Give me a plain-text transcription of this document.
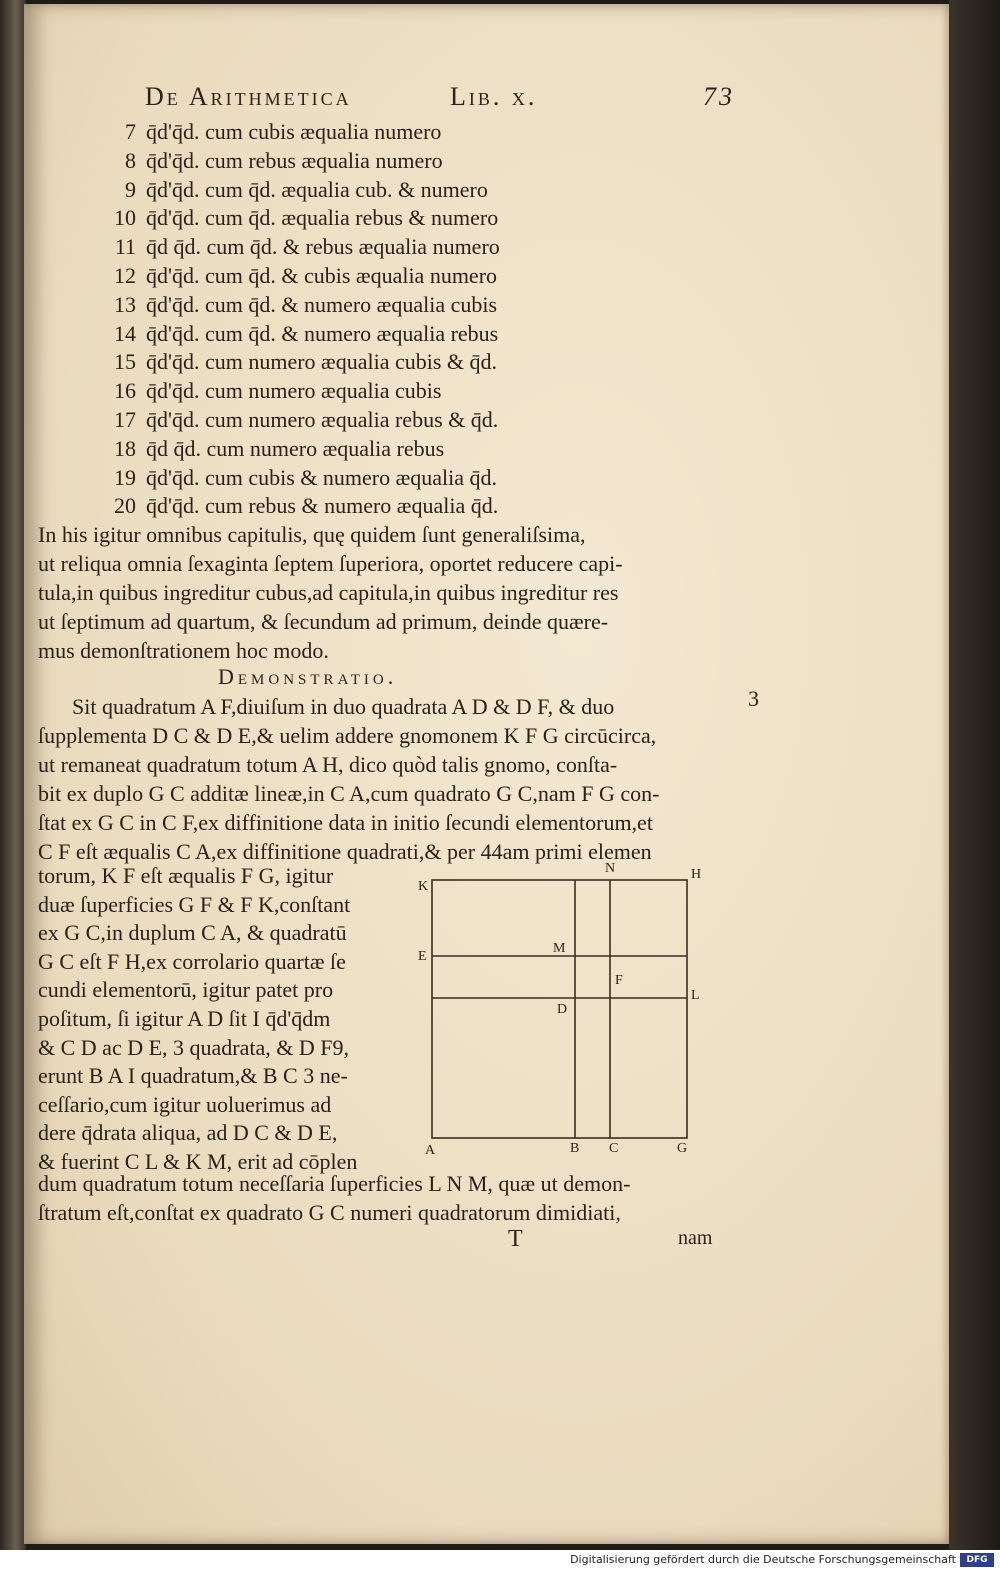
De Arithmetica	Lib. x.	73
7 q̄d'q̄d. cum cubis æqualia numero
8 q̄d'q̄d. cum rebus æqualia numero
9 q̄d'q̄d. cum q̄d. æqualia cub. & numero
10 q̄d'q̄d. cum q̄d. æqualia rebus & numero
11 q̄d q̄d. cum q̄d. & rebus æqualia numero
12 q̄d'q̄d. cum q̄d. & cubis æqualia numero
13 q̄d'q̄d. cum q̄d. & numero æqualia cubis
14 q̄d'q̄d. cum q̄d. & numero æqualia rebus
15 q̄d'q̄d. cum numero æqualia cubis & q̄d.
16 q̄d'q̄d. cum numero æqualia cubis
17 q̄d'q̄d. cum numero æqualia rebus & q̄d.
18 q̄d q̄d. cum numero æqualia rebus
19 q̄d'q̄d. cum cubis & numero æqualia q̄d.
20 q̄d'q̄d. cum rebus & numero æqualia q̄d.
In his igitur omnibus capitulis, quę quidem ſunt generaliſsima,
ut reliqua omnia ſexaginta ſeptem ſuperiora, oportet reducere capi-
tula,in quibus ingreditur cubus,ad capitula,in quibus ingreditur res
ut ſeptimum ad quartum, & ſecundum ad primum, deinde quære-
mus demonſtrationem hoc modo.
Demonstratio.
3
Sit quadratum A F,diuiſum in duo quadrata A D & D F, & duo
ſupplementa D C & D E,& uelim addere gnomonem K F G circūcirca,
ut remaneat quadratum totum A H, dico quòd talis gnomo, conſta-
bit ex duplo G C additæ lineæ,in C A,cum quadrato G C,nam F G con-
ſtat ex G C in C F,ex diffinitione data in initio ſecundi elementorum,et
C F eſt æqualis C A,ex diffinitione quadrati,& per 44am primi elemen
torum, K F eſt æqualis F G, igitur
duæ ſuperficies G F & F K,conſtant
ex G C,in duplum C A, & quadratū
G C eſt F H,ex corrolario quartæ ſe
cundi elementorū, igitur patet pro
poſitum, ſi igitur A D ſit I q̄d'q̄dm
& C D ac D E, 3 quadrata, & D F9,
erunt B A I quadratum,& B C 3 ne-
ceſſario,cum igitur uoluerimus ad
dere q̄drata aliqua, ad D C & D E,
& fuerint C L & K M, erit ad cōplen
K
N	H
E
M
F
L
D
A	B C	G
dum quadratum totum neceſſaria ſuperficies L N M, quæ ut demon-
ſtratum eſt,conſtat ex quadrato G C numeri quadratorum dimidiati,
T	nam
Digitalisierung gefördert durch die Deutsche Forschungsgemeinschaft	DFG
